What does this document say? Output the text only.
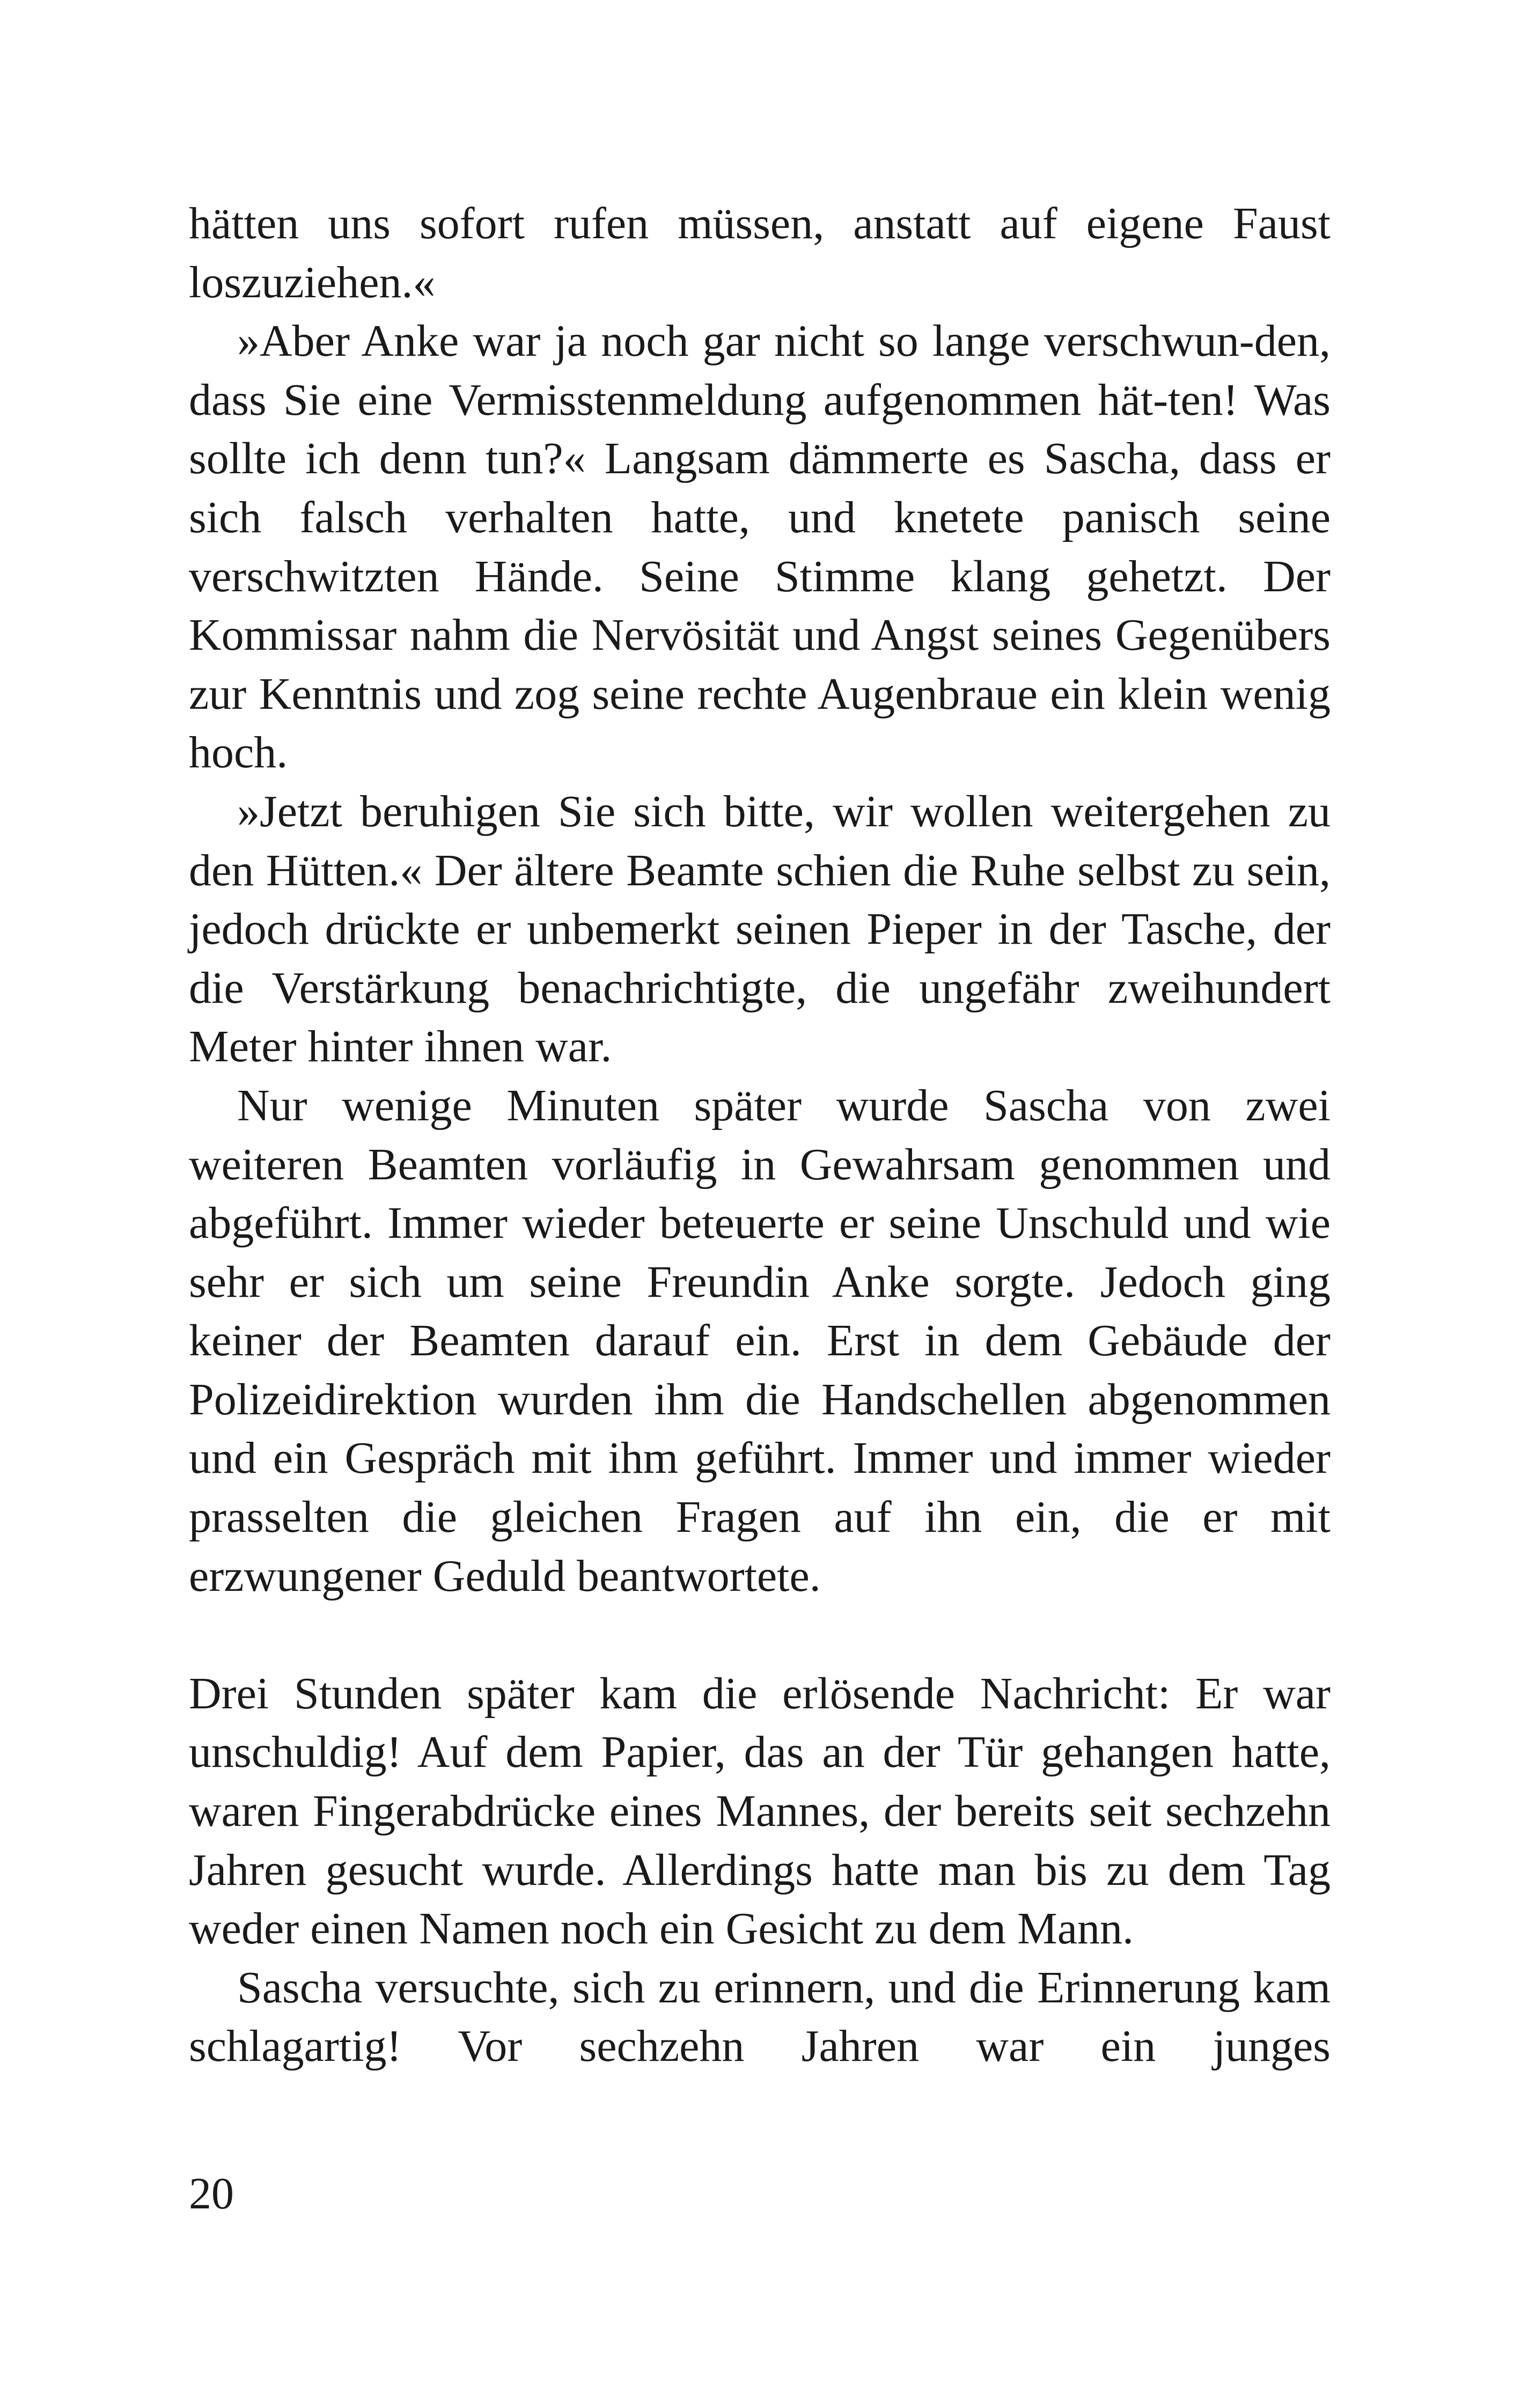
hätten uns sofort rufen müssen, anstatt auf eigene Faust loszuziehen.«

»Aber Anke war ja noch gar nicht so lange verschwun-den, dass Sie eine Vermisstenmeldung aufgenommen hät-ten! Was sollte ich denn tun?« Langsam dämmerte es Sascha, dass er sich falsch verhalten hatte, und knetete panisch seine verschwitzten Hände. Seine Stimme klang gehetzt. Der Kommissar nahm die Nervösität und Angst seines Gegenübers zur Kenntnis und zog seine rechte Augenbraue ein klein wenig hoch.

»Jetzt beruhigen Sie sich bitte, wir wollen weitergehen zu den Hütten.« Der ältere Beamte schien die Ruhe selbst zu sein, jedoch drückte er unbemerkt seinen Pieper in der Tasche, der die Verstärkung benachrichtigte, die ungefähr zweihundert Meter hinter ihnen war.

Nur wenige Minuten später wurde Sascha von zwei weiteren Beamten vorläufig in Gewahrsam genommen und abgeführt. Immer wieder beteuerte er seine Unschuld und wie sehr er sich um seine Freundin Anke sorgte. Jedoch ging keiner der Beamten darauf ein. Erst in dem Gebäude der Polizeidirektion wurden ihm die Handschellen abgenommen und ein Gespräch mit ihm geführt. Immer und immer wieder prasselten die gleichen Fragen auf ihn ein, die er mit erzwungener Geduld beantwortete.

Drei Stunden später kam die erlösende Nachricht: Er war unschuldig! Auf dem Papier, das an der Tür gehangen hatte, waren Fingerabdrücke eines Mannes, der bereits seit sechzehn Jahren gesucht wurde. Allerdings hatte man bis zu dem Tag weder einen Namen noch ein Gesicht zu dem Mann.

Sascha versuchte, sich zu erinnern, und die Erinnerung kam schlagartig! Vor sechzehn Jahren war ein junges

20
